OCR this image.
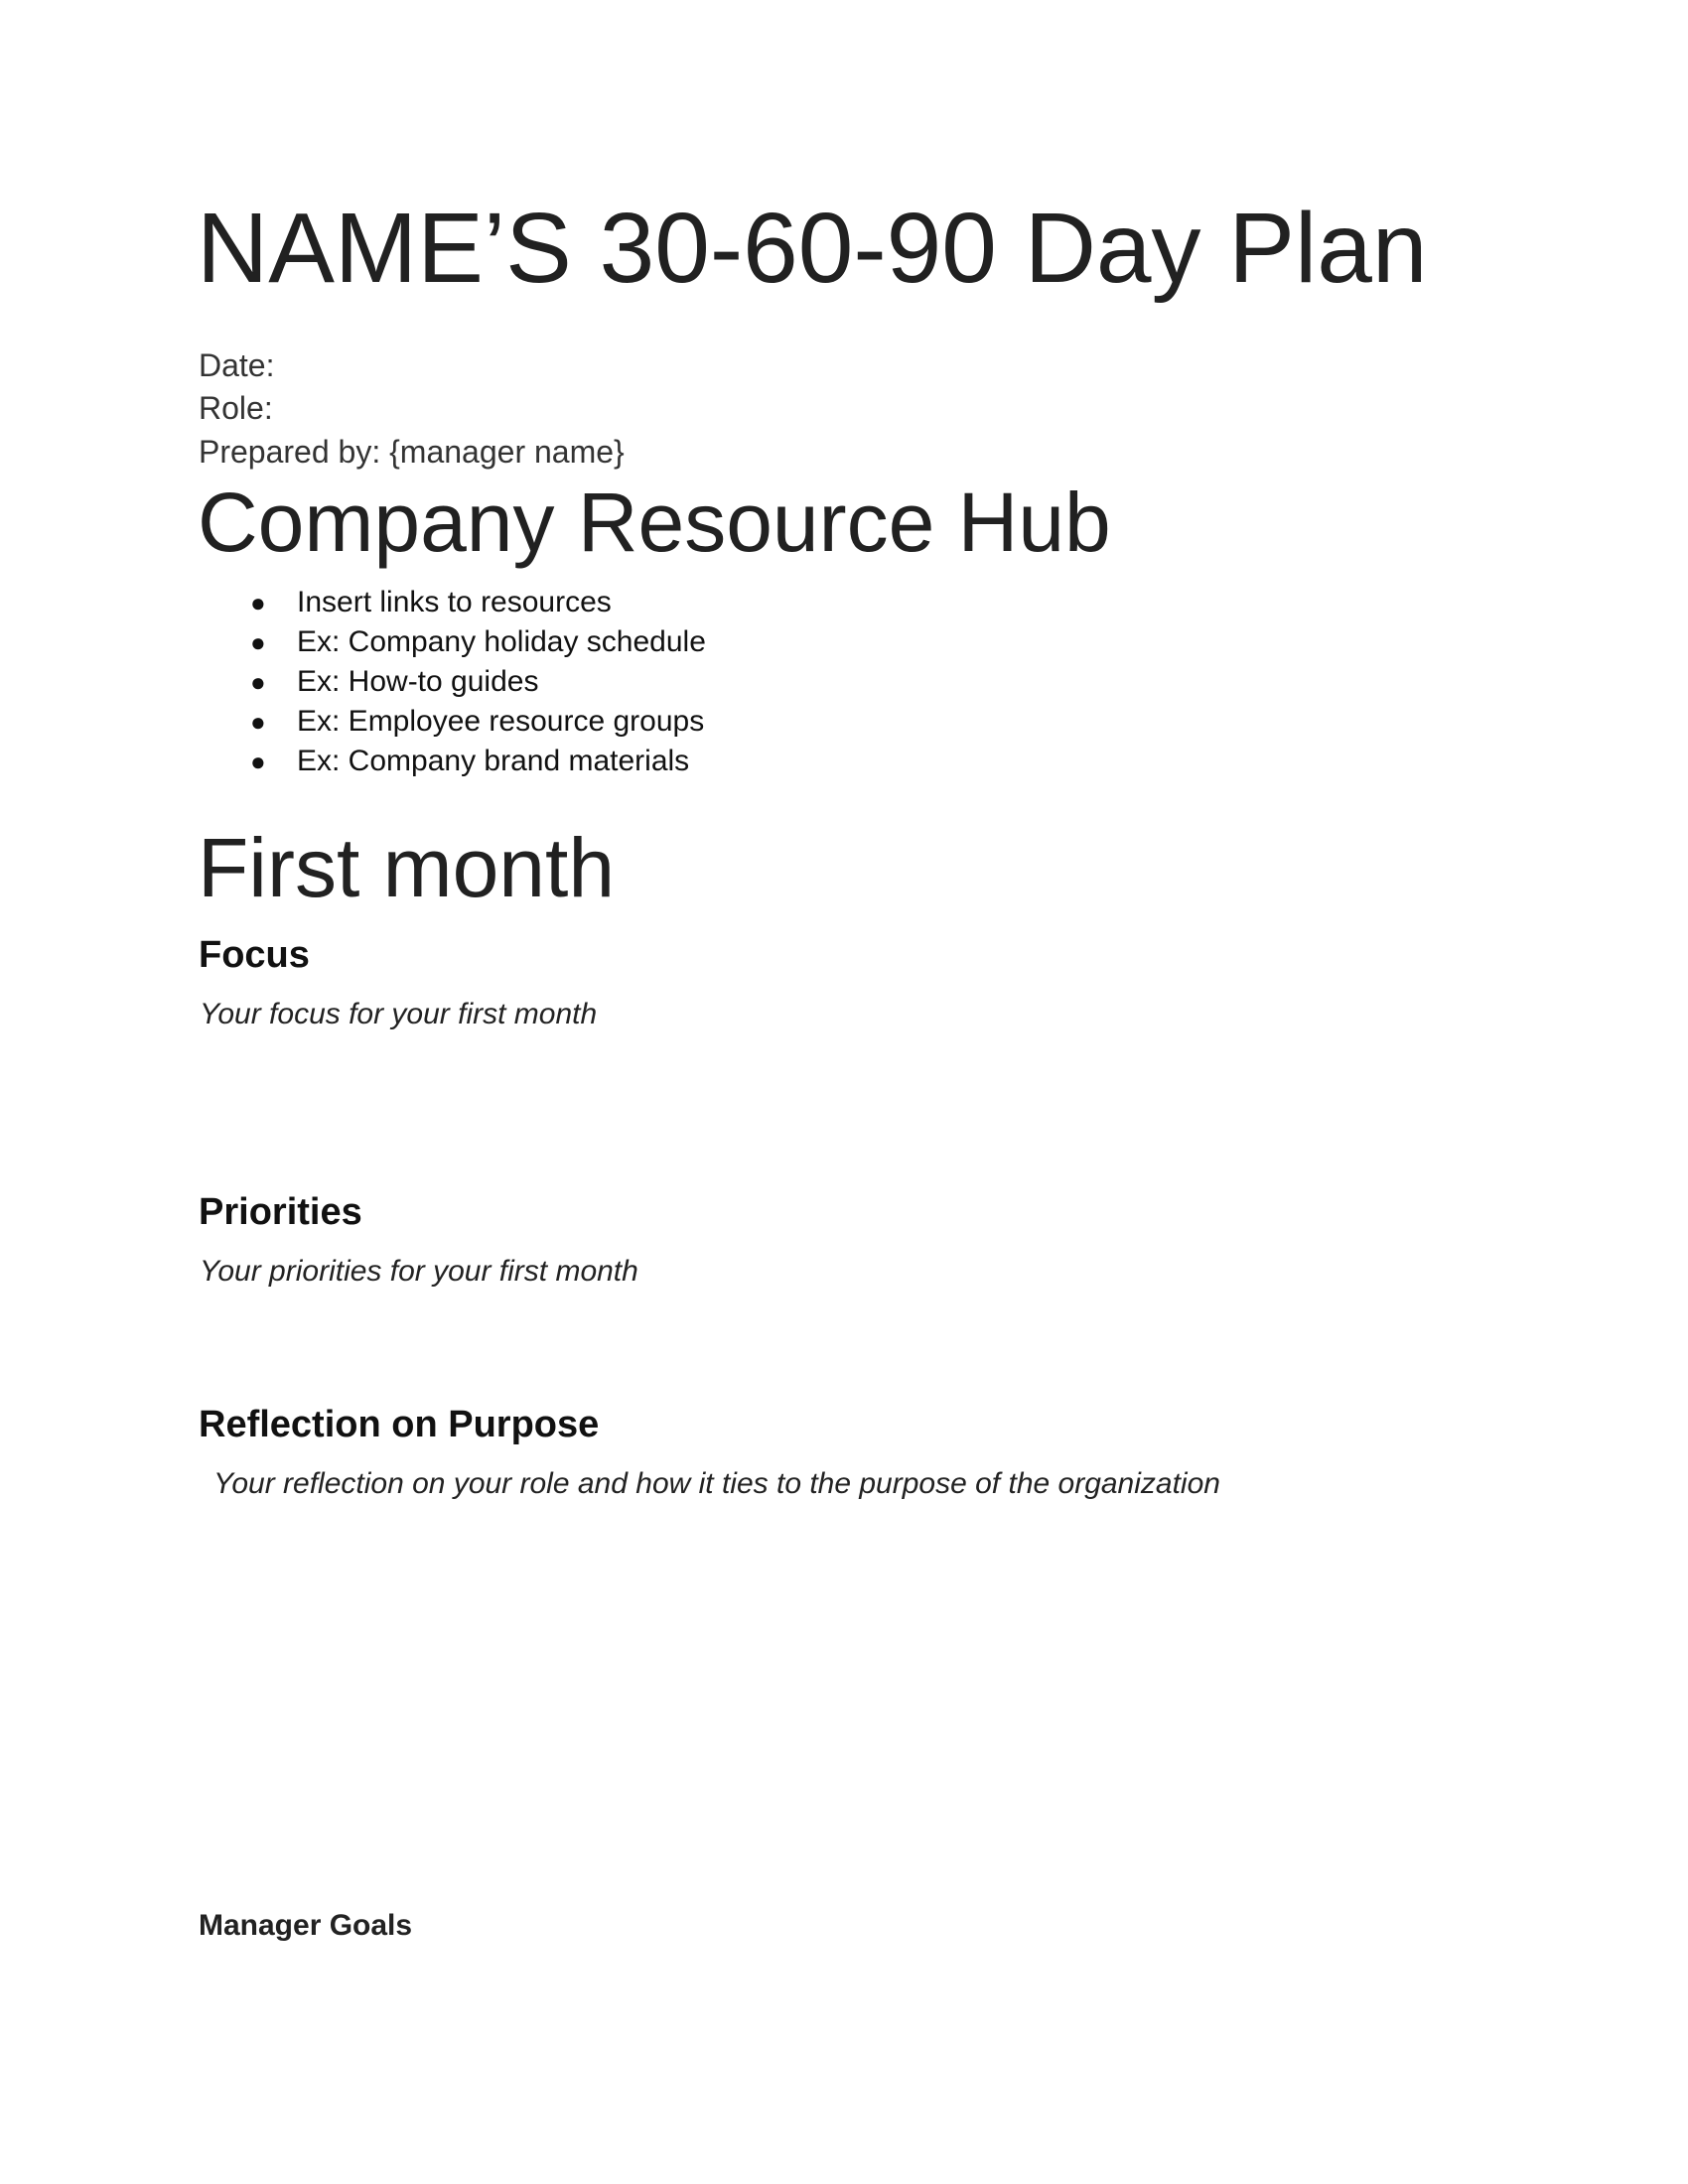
NAME’S 30-60-90 Day Plan
Date:
Role:
Prepared by: {manager name}
Company Resource Hub
● Insert links to resources
● Ex: Company holiday schedule
● Ex: How-to guides
● Ex: Employee resource groups
● Ex: Company brand materials
First month
Focus
Your focus for your first month
Priorities
Your priorities for your first month
Reflection on Purpose
Your reflection on your role and how it ties to the purpose of the organization
Manager Goals
